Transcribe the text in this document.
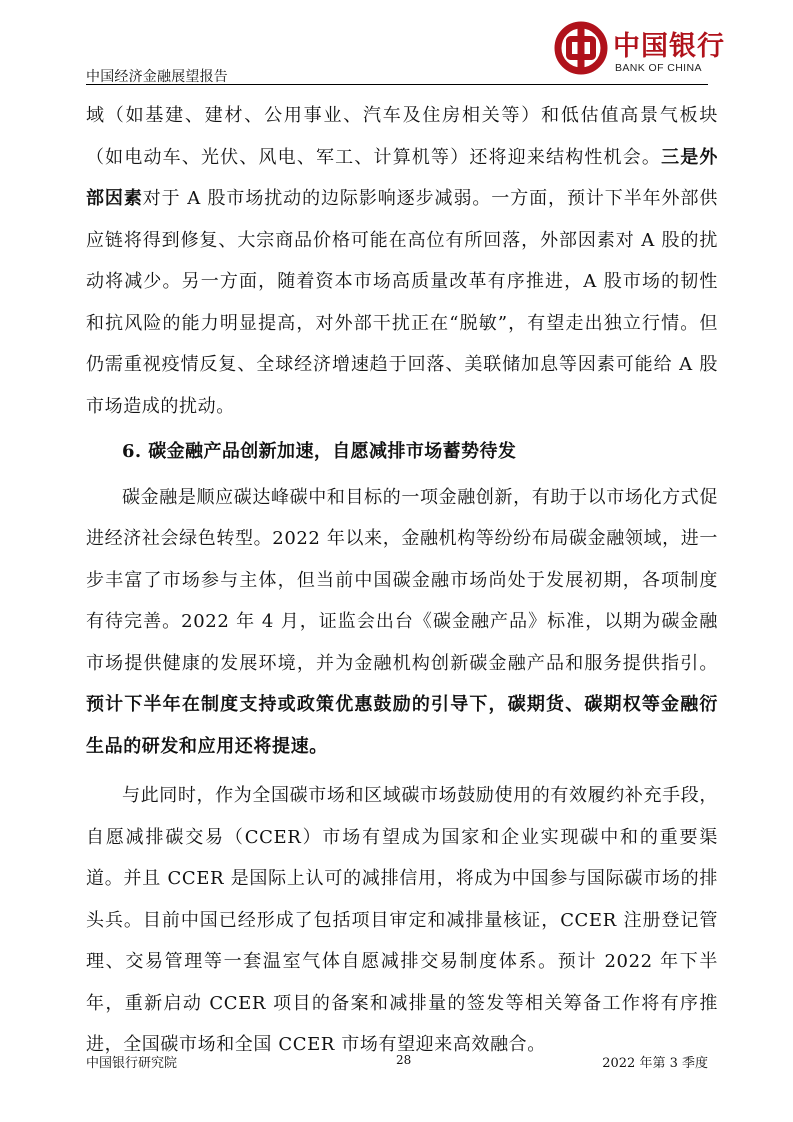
中国银行
BANK OF CHINA
中国经济金融展望报告

域（如基建、建材、公用事业、汽车及住房相关等）和低估值高景气板块（如电动车、光伏、风电、军工、计算机等）还将迎来结构性机会。三是外部因素对于 A 股市场扰动的边际影响逐步减弱。一方面，预计下半年外部供应链将得到修复、大宗商品价格可能在高位有所回落，外部因素对 A 股的扰动将减少。另一方面，随着资本市场高质量改革有序推进，A 股市场的韧性和抗风险的能力明显提高，对外部干扰正在“脱敏”，有望走出独立行情。但仍需重视疫情反复、全球经济增速趋于回落、美联储加息等因素可能给 A 股市场造成的扰动。

6. 碳金融产品创新加速，自愿减排市场蓄势待发

碳金融是顺应碳达峰碳中和目标的一项金融创新，有助于以市场化方式促进经济社会绿色转型。2022 年以来，金融机构等纷纷布局碳金融领域，进一步丰富了市场参与主体，但当前中国碳金融市场尚处于发展初期，各项制度有待完善。2022 年 4 月，证监会出台《碳金融产品》标准，以期为碳金融市场提供健康的发展环境，并为金融机构创新碳金融产品和服务提供指引。预计下半年在制度支持或政策优惠鼓励的引导下，碳期货、碳期权等金融衍生品的研发和应用还将提速。

与此同时，作为全国碳市场和区域碳市场鼓励使用的有效履约补充手段，自愿减排碳交易（CCER）市场有望成为国家和企业实现碳中和的重要渠道。并且 CCER 是国际上认可的减排信用，将成为中国参与国际碳市场的排头兵。目前中国已经形成了包括项目审定和减排量核证，CCER 注册登记管理、交易管理等一套温室气体自愿减排交易制度体系。预计 2022 年下半年，重新启动 CCER 项目的备案和减排量的签发等相关筹备工作将有序推进，全国碳市场和全国 CCER 市场有望迎来高效融合。

中国银行研究院	28	2022 年第 3 季度
